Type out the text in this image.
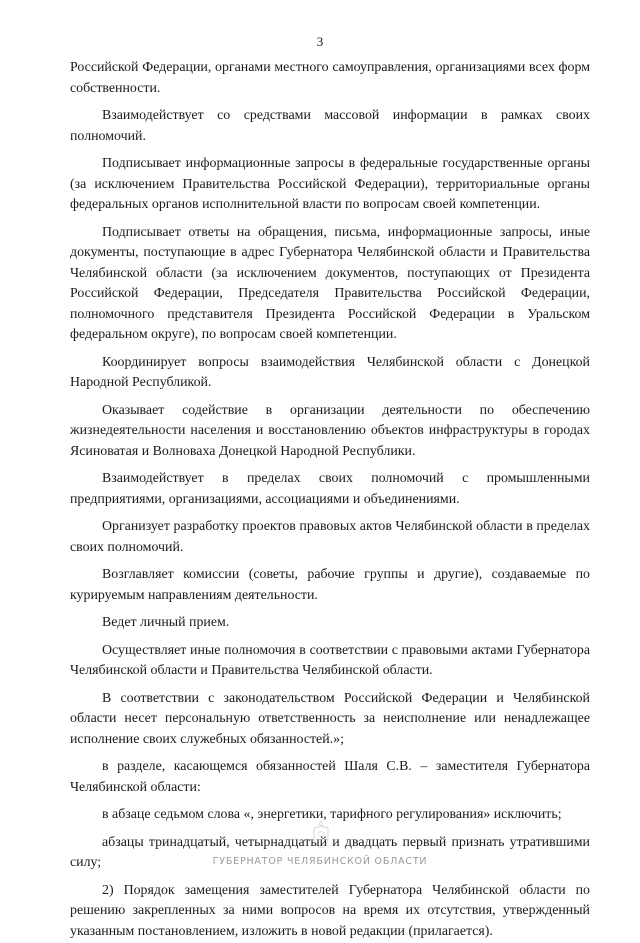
3

Российской Федерации, органами местного самоуправления, организациями всех форм собственности.

Взаимодействует со средствами массовой информации в рамках своих полномочий.

Подписывает информационные запросы в федеральные государственные органы (за исключением Правительства Российской Федерации), территориальные органы федеральных органов исполнительной власти по вопросам своей компетенции.

Подписывает ответы на обращения, письма, информационные запросы, иные документы, поступающие в адрес Губернатора Челябинской области и Правительства Челябинской области (за исключением документов, поступающих от Президента Российской Федерации, Председателя Правительства Российской Федерации, полномочного представителя Президента Российской Федерации в Уральском федеральном округе), по вопросам своей компетенции.

Координирует вопросы взаимодействия Челябинской области с Донецкой Народной Республикой.

Оказывает содействие в организации деятельности по обеспечению жизнедеятельности населения и восстановлению объектов инфраструктуры в городах Ясиноватая и Волноваха Донецкой Народной Республики.

Взаимодействует в пределах своих полномочий с промышленными предприятиями, организациями, ассоциациями и объединениями.

Организует разработку проектов правовых актов Челябинской области в пределах своих полномочий.

Возглавляет комиссии (советы, рабочие группы и другие), создаваемые по курируемым направлениям деятельности.

Ведет личный прием.

Осуществляет иные полномочия в соответствии с правовыми актами Губернатора Челябинской области и Правительства Челябинской области.

В соответствии с законодательством Российской Федерации и Челябинской области несет персональную ответственность за неисполнение или ненадлежащее исполнение своих служебных обязанностей.»;

в разделе, касающемся обязанностей Шаля С.В. – заместителя Губернатора Челябинской области:

в абзаце седьмом слова «, энергетики, тарифного регулирования» исключить;

абзацы тринадцатый, четырнадцатый и двадцать первый признать утратившими силу;

2) Порядок замещения заместителей Губернатора Челябинской области по решению закрепленных за ними вопросов на время их отсутствия, утвержденный указанным постановлением, изложить в новой редакции (прилагается).

ГУБЕРНАТОР ЧЕЛЯБИНСКОЙ ОБЛАСТИ
